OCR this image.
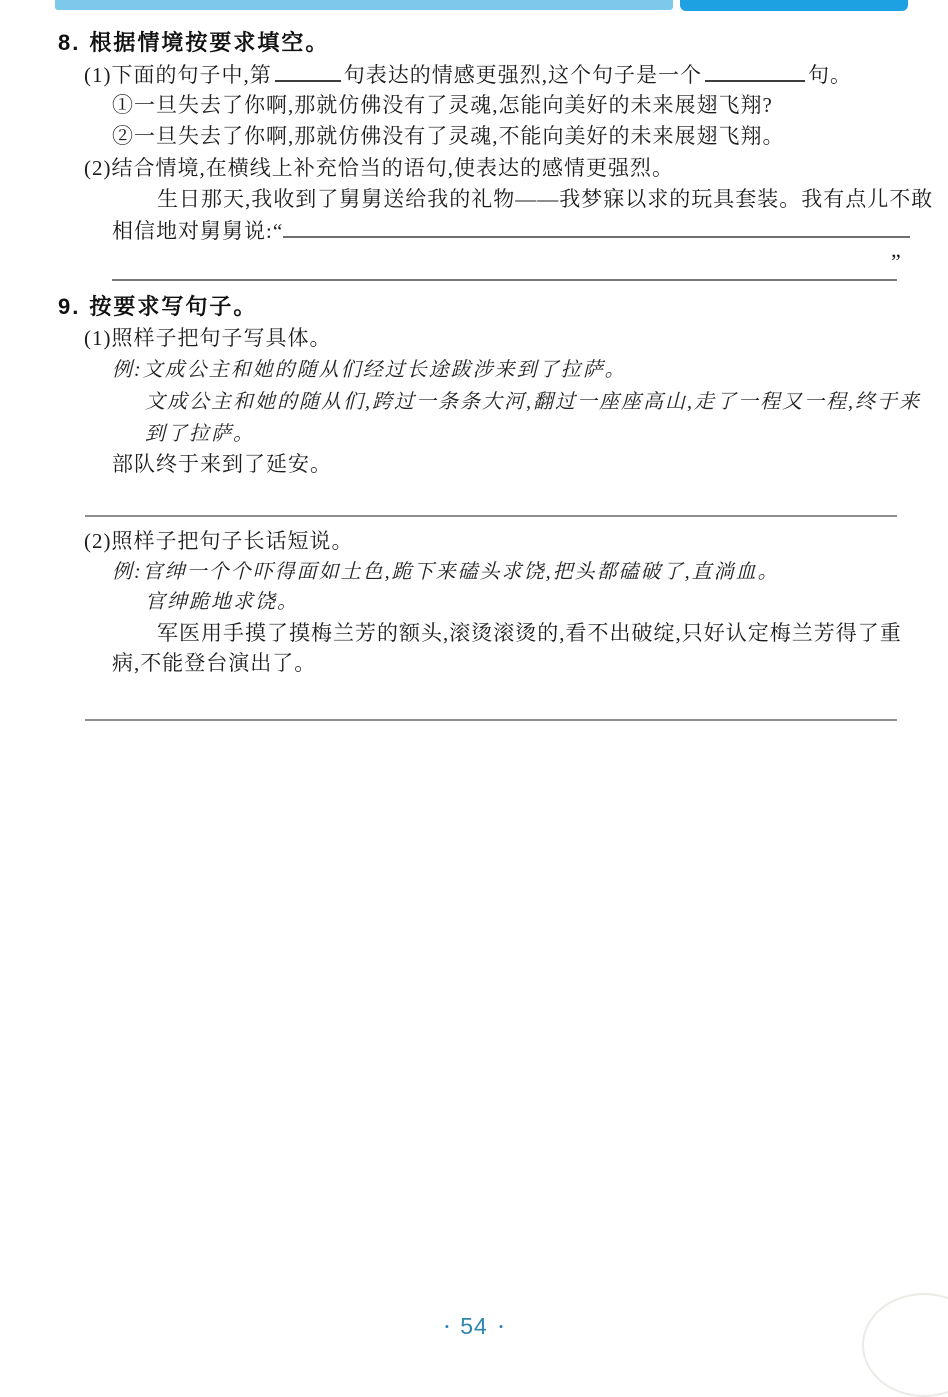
8. 根据情境按要求填空。
(1)下面的句子中,第	句表达的情感更强烈,这个句子是一个	句。
①一旦失去了你啊,那就仿佛没有了灵魂,怎能向美好的未来展翅飞翔?
②一旦失去了你啊,那就仿佛没有了灵魂,不能向美好的未来展翅飞翔。
(2)结合情境,在横线上补充恰当的语句,使表达的感情更强烈。
生日那天,我收到了舅舅送给我的礼物——我梦寐以求的玩具套装。我有点儿不敢
相信地对舅舅说:“
”
9. 按要求写句子。
(1)照样子把句子写具体。
例:文成公主和她的随从们经过长途跋涉来到了拉萨。
文成公主和她的随从们,跨过一条条大河,翻过一座座高山,走了一程又一程,终于来
到了拉萨。
部队终于来到了延安。
(2)照样子把句子长话短说。
例:官绅一个个吓得面如土色,跪下来磕头求饶,把头都磕破了,直淌血。
官绅跪地求饶。
军医用手摸了摸梅兰芳的额头,滚烫滚烫的,看不出破绽,只好认定梅兰芳得了重
病,不能登台演出了。
• 54 •
